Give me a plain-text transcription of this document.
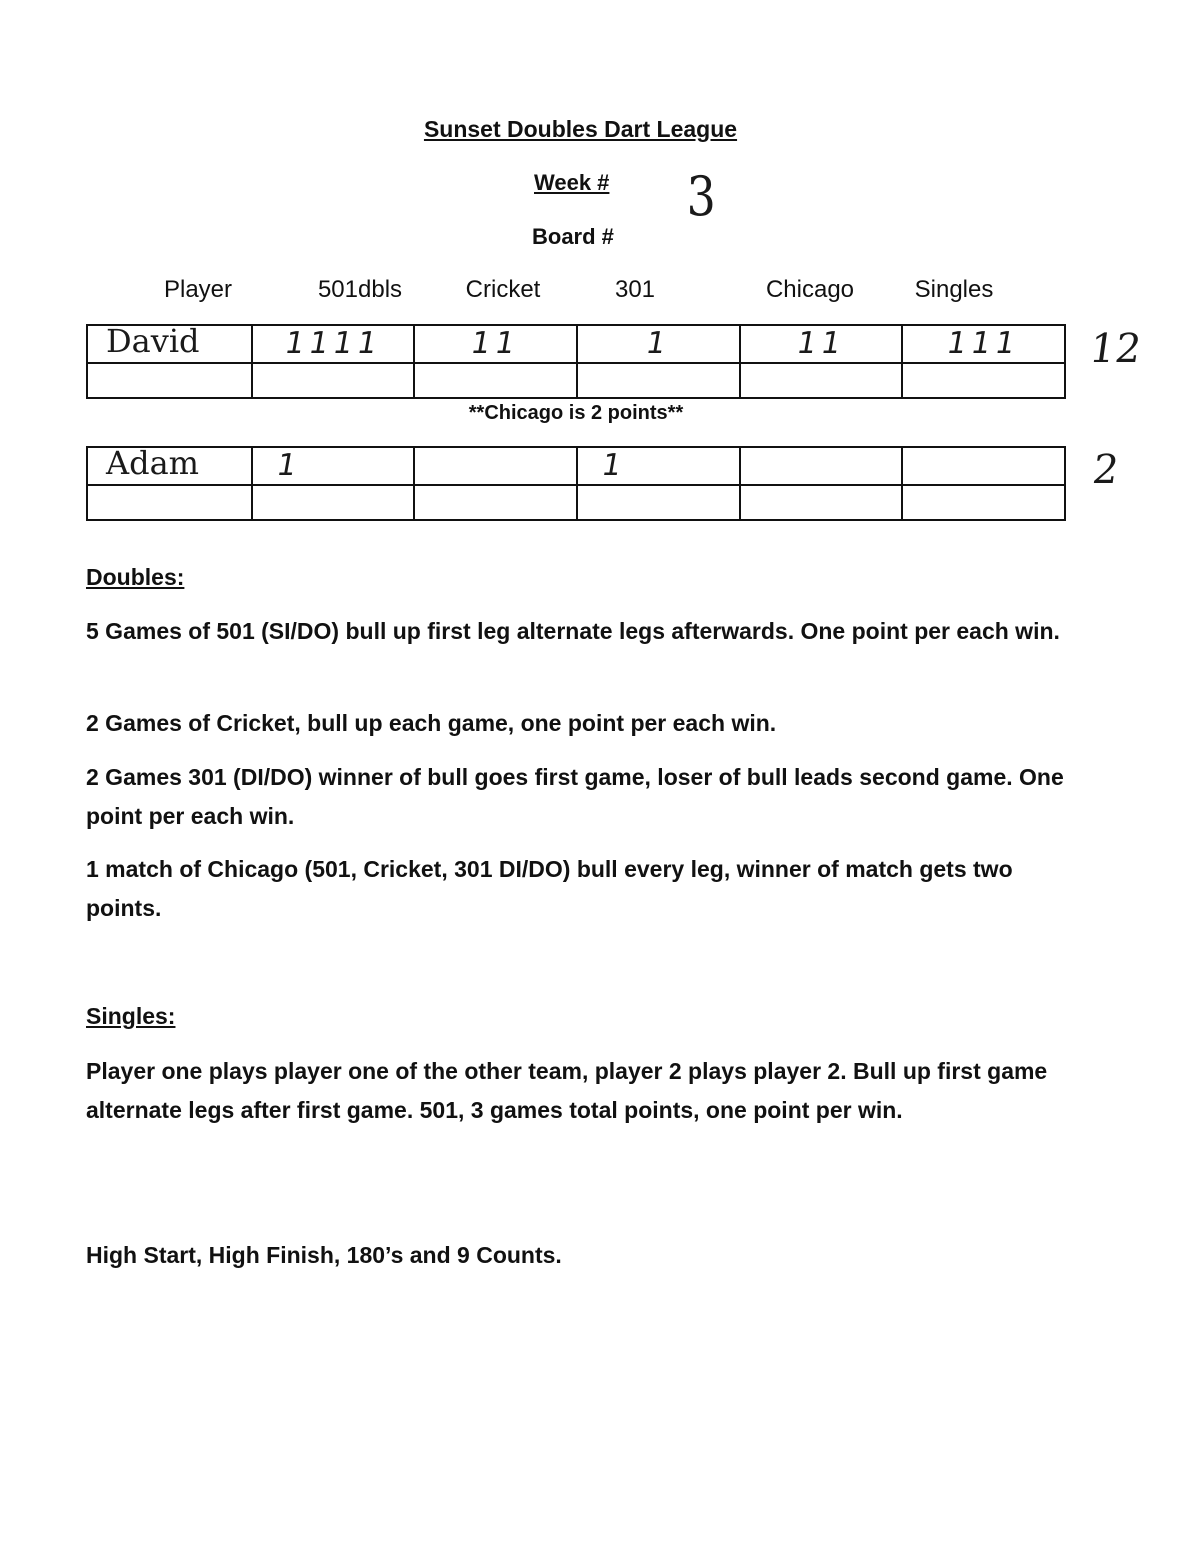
Sunset Doubles Dart League
Week # 3
Board #
Player	501dbls	Cricket	301	Chicago	Singles
David	1111	11	1	11	111

						12
**Chicago is 2 points**
Adam	1		1		

						2
Doubles:

5 Games of 501 (SI/DO) bull up first leg alternate legs afterwards. One point per each win.

2 Games of Cricket, bull up each game, one point per each win.

2 Games 301 (DI/DO) winner of bull goes first game, loser of bull leads second game. One point per each win.

1 match of Chicago (501, Cricket, 301 DI/DO) bull every leg, winner of match gets two points.

Singles:

Player one plays player one of the other team, player 2 plays player 2. Bull up first game alternate legs after first game. 501, 3 games total points, one point per win.

High Start, High Finish, 180’s and 9 Counts.
